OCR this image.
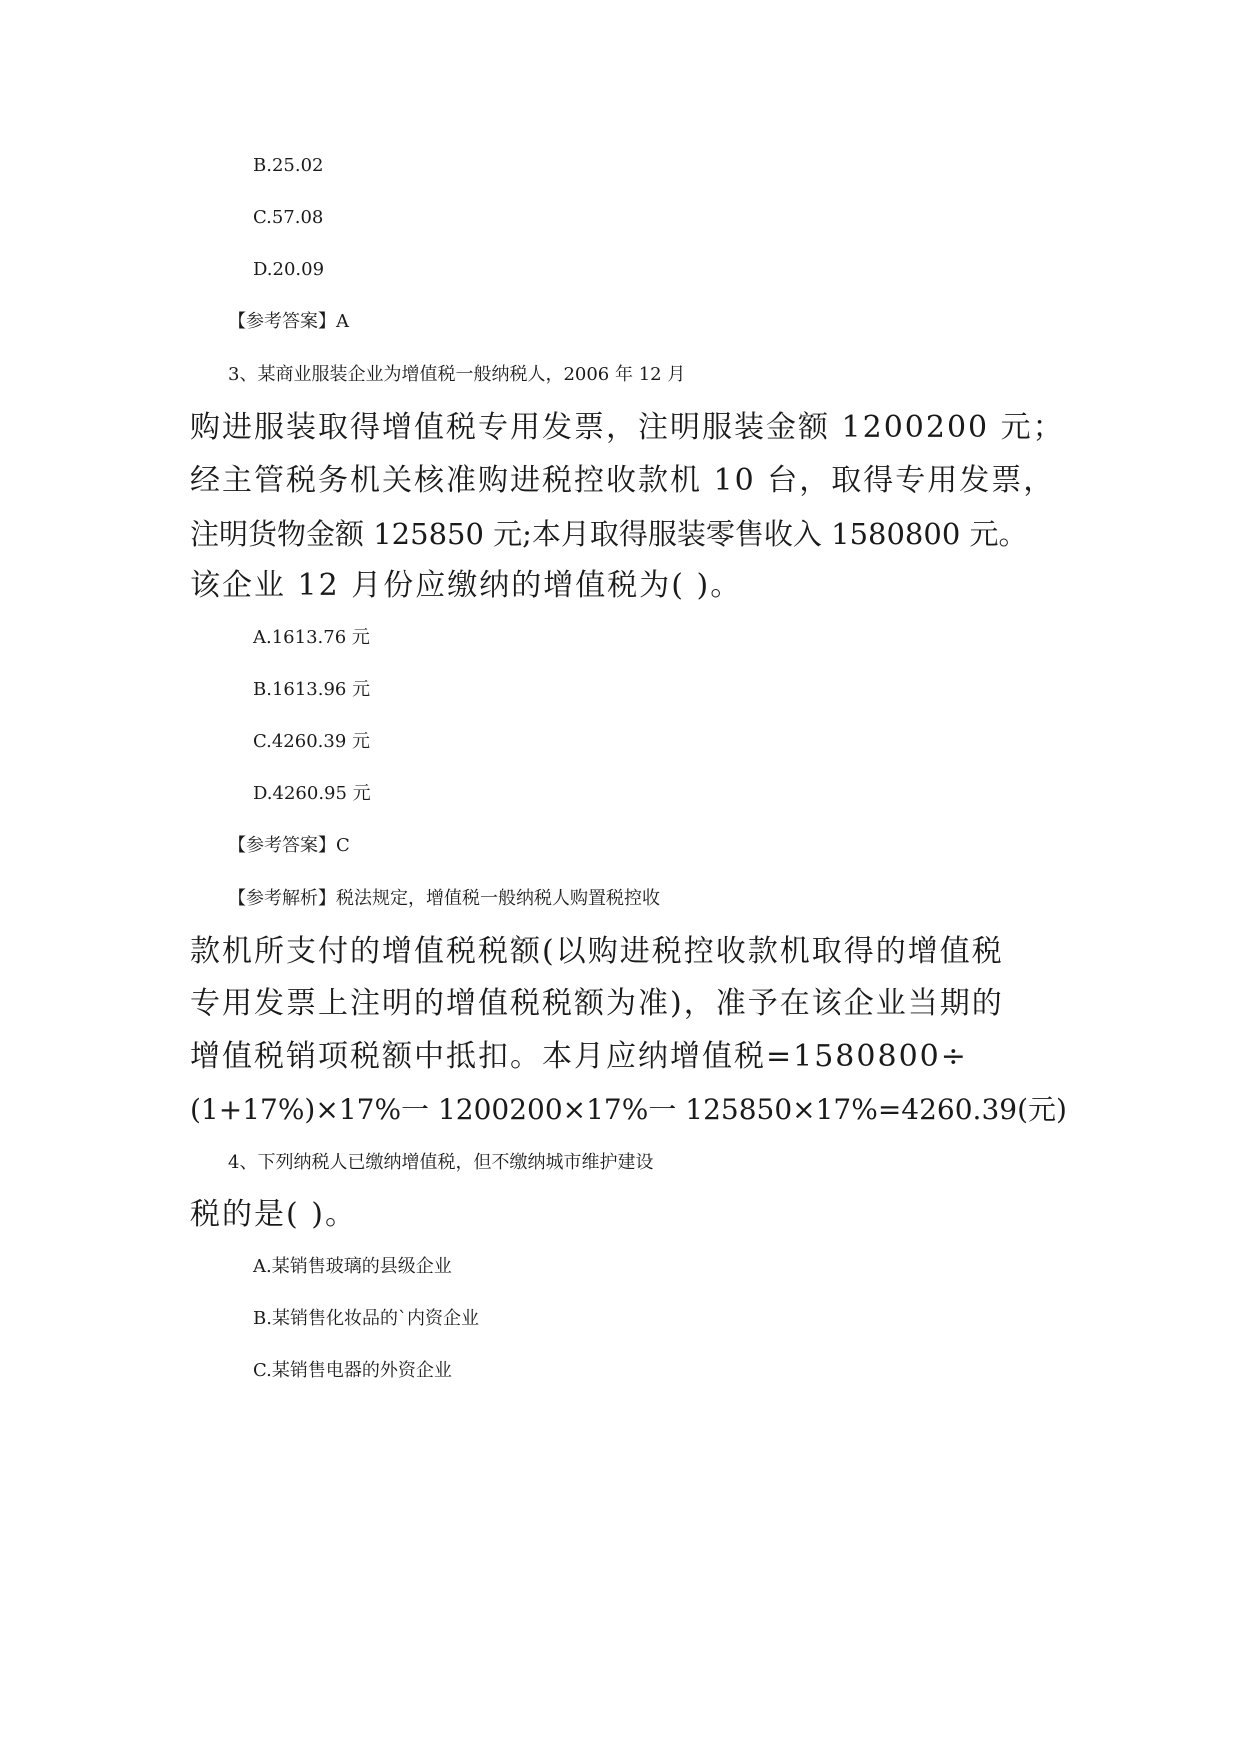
B.25.02
C.57.08
D.20.09
【参考答案】A
3、某商业服装企业为增值税一般纳税人，2006 年 12 月
购进服装取得增值税专用发票，注明服装金额 1200200 元；
经主管税务机关核准购进税控收款机 10 台，取得专用发票，
注明货物金额 125850 元;本月取得服装零售收入 1580800 元。
该企业 12 月份应缴纳的增值税为( )。
A.1613.76 元
B.1613.96 元
C.4260.39 元
D.4260.95 元
【参考答案】C
【参考解析】税法规定，增值税一般纳税人购置税控收
款机所支付的增值税税额(以购进税控收款机取得的增值税
专用发票上注明的增值税税额为准)，准予在该企业当期的
增值税销项税额中抵扣。本月应纳增值税=1580800÷
(1+17%)×17%一 1200200×17%一 125850×17%=4260.39(元)
4、下列纳税人已缴纳增值税，但不缴纳城市维护建设
税的是( )。
A.某销售玻璃的县级企业
B.某销售化妆品的`内资企业
C.某销售电器的外资企业
